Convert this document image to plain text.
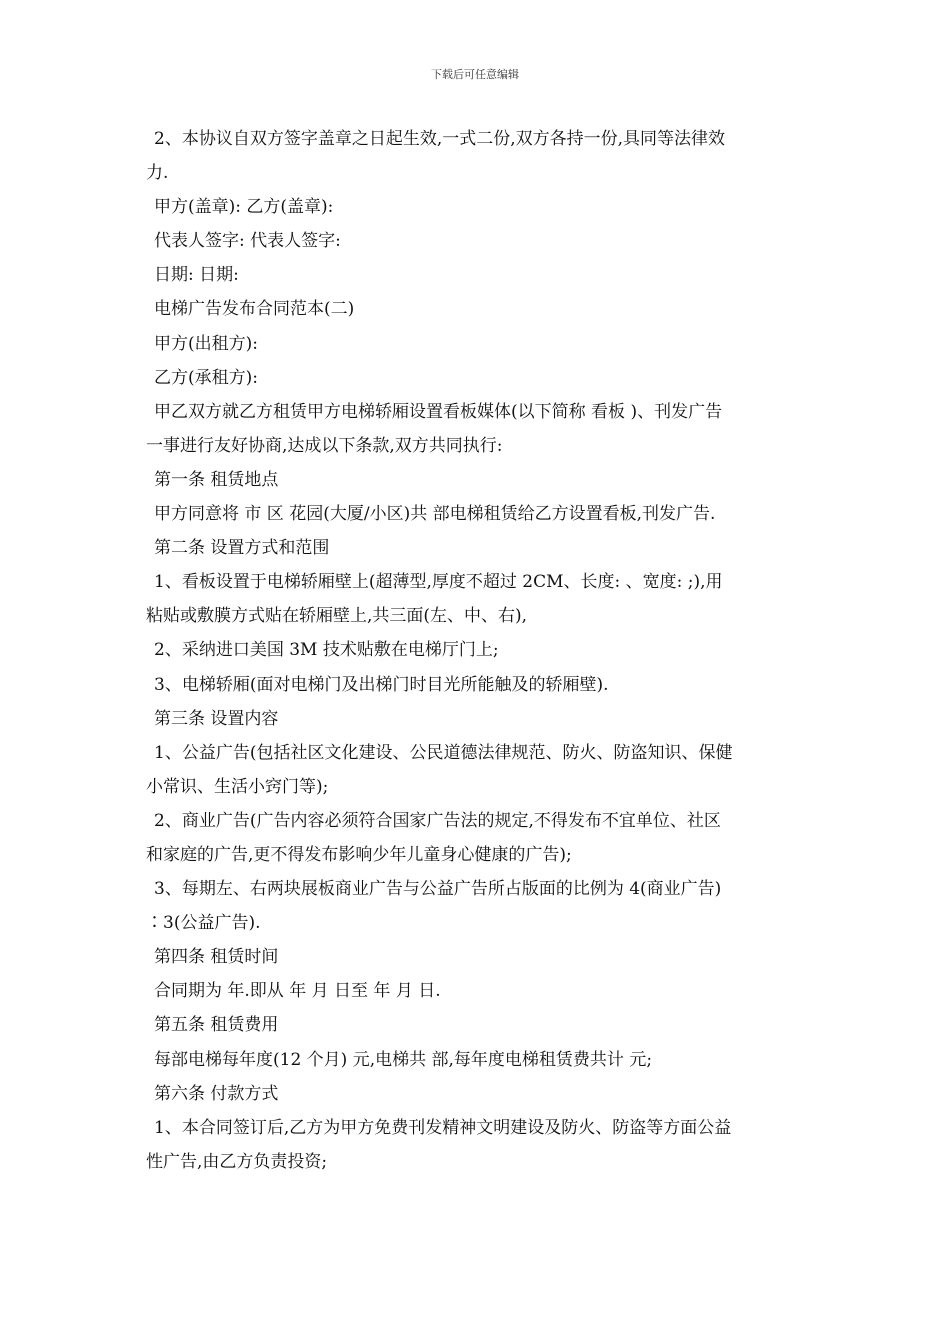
下载后可任意编辑
2、本协议自双方签字盖章之日起生效,一式二份,双方各持一份,具同等法律效
力.
甲方(盖章): 乙方(盖章):
代表人签字: 代表人签字:
日期: 日期:
电梯广告发布合同范本(二)
甲方(出租方):
乙方(承租方):
甲乙双方就乙方租赁甲方电梯轿厢设置看板媒体(以下简称 看板 )、刊发广告
一事进行友好协商,达成以下条款,双方共同执行:
第一条 租赁地点
甲方同意将 市 区 花园(大厦/小区)共 部电梯租赁给乙方设置看板,刊发广告.
第二条 设置方式和范围
1、看板设置于电梯轿厢壁上(超薄型,厚度不超过 2CM、长度: 、宽度: ;),用
粘贴或敷膜方式贴在轿厢壁上,共三面(左、中、右),
2、采纳进口美国 3M 技术贴敷在电梯厅门上;
3、电梯轿厢(面对电梯门及出梯门时目光所能触及的轿厢壁).
第三条 设置内容
1、公益广告(包括社区文化建设、公民道德法律规范、防火、防盗知识、保健
小常识、生活小窍门等);
2、商业广告(广告内容必须符合国家广告法的规定,不得发布不宜单位、社区
和家庭的广告,更不得发布影响少年儿童身心健康的广告);
3、每期左、右两块展板商业广告与公益广告所占版面的比例为 4(商业广告)
∶3(公益广告).
第四条 租赁时间
合同期为 年.即从 年 月 日至 年 月 日.
第五条 租赁费用
每部电梯每年度(12 个月) 元,电梯共 部,每年度电梯租赁费共计 元;
第六条 付款方式
1、本合同签订后,乙方为甲方免费刊发精神文明建设及防火、防盗等方面公益
性广告,由乙方负责投资;
